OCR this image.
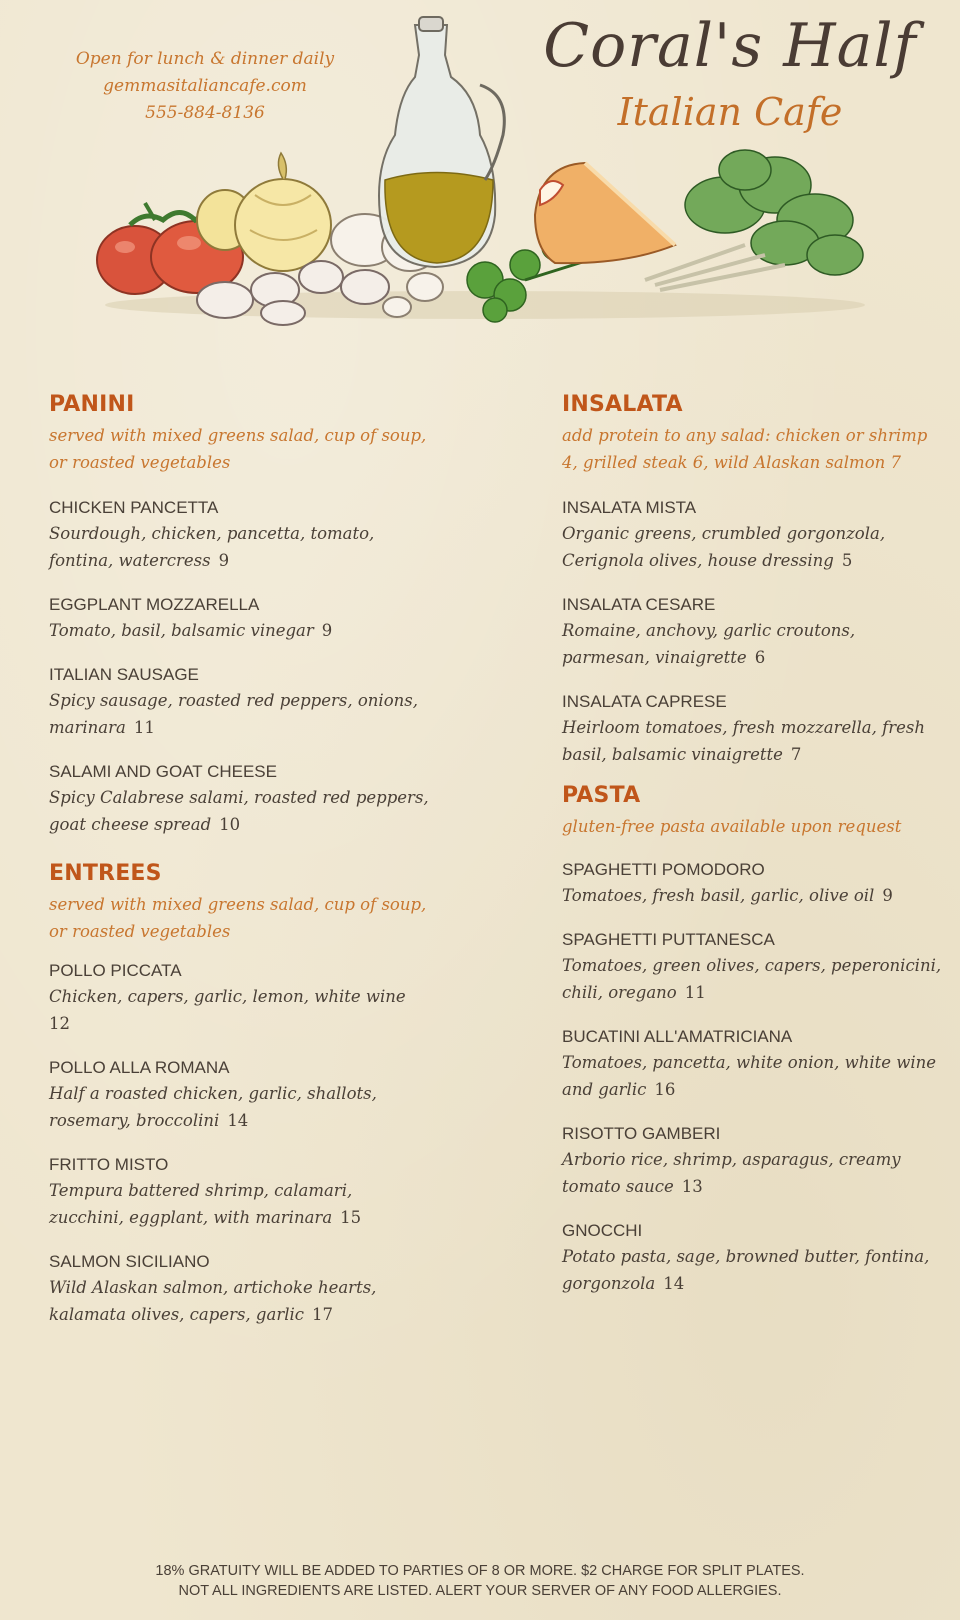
Open for lunch & dinner daily
gemmasitaliancafe.com
555-884-8136
Coral's Half
Italian Cafe
PANINI
served with mixed greens salad, cup of soup,
or roasted vegetables
CHICKEN PANCETTA
Sourdough, chicken, pancetta, tomato,
fontina, watercress 9
EGGPLANT MOZZARELLA
Tomato, basil, balsamic vinegar 9
ITALIAN SAUSAGE
Spicy sausage, roasted red peppers, onions,
marinara 11
SALAMI AND GOAT CHEESE
Spicy Calabrese salami, roasted red peppers,
goat cheese spread 10
ENTREES
served with mixed greens salad, cup of soup,
or roasted vegetables
POLLO PICCATA
Chicken, capers, garlic, lemon, white wine
12
POLLO ALLA ROMANA
Half a roasted chicken, garlic, shallots,
rosemary, broccolini 14
FRITTO MISTO
Tempura battered shrimp, calamari,
zucchini, eggplant, with marinara 15
SALMON SICILIANO
Wild Alaskan salmon, artichoke hearts,
kalamata olives, capers, garlic 17
INSALATA
add protein to any salad: chicken or shrimp
4, grilled steak 6, wild Alaskan salmon 7
INSALATA MISTA
Organic greens, crumbled gorgonzola,
Cerignola olives, house dressing 5
INSALATA CESARE
Romaine, anchovy, garlic croutons,
parmesan, vinaigrette 6
INSALATA CAPRESE
Heirloom tomatoes, fresh mozzarella, fresh
basil, balsamic vinaigrette 7
PASTA
gluten-free pasta available upon request
SPAGHETTI POMODORO
Tomatoes, fresh basil, garlic, olive oil 9
SPAGHETTI PUTTANESCA
Tomatoes, green olives, capers, peperonicini,
chili, oregano 11
BUCATINI ALL'AMATRICIANA
Tomatoes, pancetta, white onion, white wine
and garlic 16
RISOTTO GAMBERI
Arborio rice, shrimp, asparagus, creamy
tomato sauce 13
GNOCCHI
Potato pasta, sage, browned butter, fontina,
gorgonzola 14
18% GRATUITY WILL BE ADDED TO PARTIES OF 8 OR MORE. $2 CHARGE FOR SPLIT PLATES.
NOT ALL INGREDIENTS ARE LISTED. ALERT YOUR SERVER OF ANY FOOD ALLERGIES.
